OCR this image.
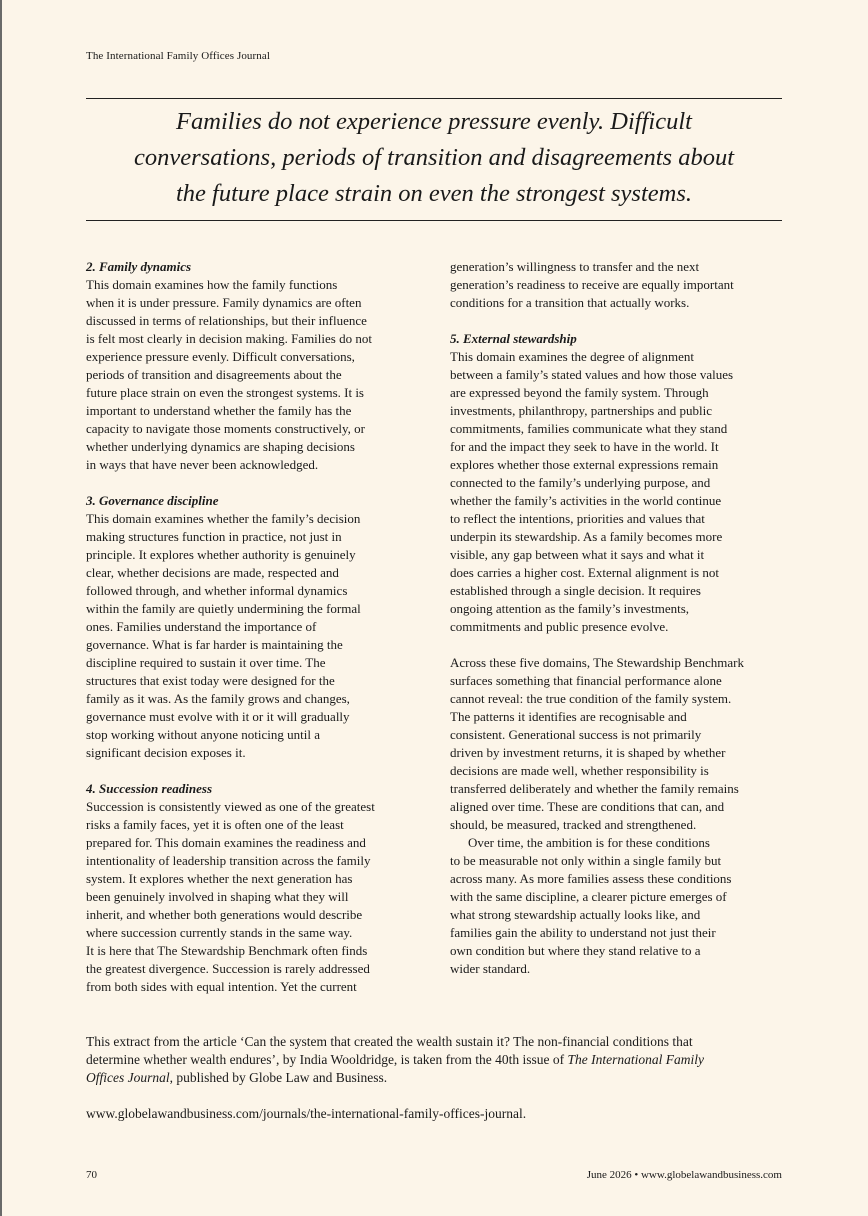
The International Family Offices Journal
Families do not experience pressure evenly. Difficult
conversations, periods of transition and disagreements about
the future place strain on even the strongest systems.
2. Family dynamics
This domain examines how the family functions
when it is under pressure. Family dynamics are often
discussed in terms of relationships, but their influence
is felt most clearly in decision making. Families do not
experience pressure evenly. Difficult conversations,
periods of transition and disagreements about the
future place strain on even the strongest systems. It is
important to understand whether the family has the
capacity to navigate those moments constructively, or
whether underlying dynamics are shaping decisions
in ways that have never been acknowledged.
3. Governance discipline
This domain examines whether the family’s decision
making structures function in practice, not just in
principle. It explores whether authority is genuinely
clear, whether decisions are made, respected and
followed through, and whether informal dynamics
within the family are quietly undermining the formal
ones. Families understand the importance of
governance. What is far harder is maintaining the
discipline required to sustain it over time. The
structures that exist today were designed for the
family as it was. As the family grows and changes,
governance must evolve with it or it will gradually
stop working without anyone noticing until a
significant decision exposes it.
4. Succession readiness
Succession is consistently viewed as one of the greatest
risks a family faces, yet it is often one of the least
prepared for. This domain examines the readiness and
intentionality of leadership transition across the family
system. It explores whether the next generation has
been genuinely involved in shaping what they will
inherit, and whether both generations would describe
where succession currently stands in the same way.
It is here that The Stewardship Benchmark often finds
the greatest divergence. Succession is rarely addressed
from both sides with equal intention. Yet the current
generation’s willingness to transfer and the next
generation’s readiness to receive are equally important
conditions for a transition that actually works.
5. External stewardship
This domain examines the degree of alignment
between a family’s stated values and how those values
are expressed beyond the family system. Through
investments, philanthropy, partnerships and public
commitments, families communicate what they stand
for and the impact they seek to have in the world. It
explores whether those external expressions remain
connected to the family’s underlying purpose, and
whether the family’s activities in the world continue
to reflect the intentions, priorities and values that
underpin its stewardship. As a family becomes more
visible, any gap between what it says and what it
does carries a higher cost. External alignment is not
established through a single decision. It requires
ongoing attention as the family’s investments,
commitments and public presence evolve.
Across these five domains, The Stewardship Benchmark
surfaces something that financial performance alone
cannot reveal: the true condition of the family system.
The patterns it identifies are recognisable and
consistent. Generational success is not primarily
driven by investment returns, it is shaped by whether
decisions are made well, whether responsibility is
transferred deliberately and whether the family remains
aligned over time. These are conditions that can, and
should, be measured, tracked and strengthened.
Over time, the ambition is for these conditions
to be measurable not only within a single family but
across many. As more families assess these conditions
with the same discipline, a clearer picture emerges of
what strong stewardship actually looks like, and
families gain the ability to understand not just their
own condition but where they stand relative to a
wider standard.
This extract from the article ‘Can the system that created the wealth sustain it? The non-financial conditions that
determine whether wealth endures’, by India Wooldridge, is taken from the 40th issue of The International Family
Offices Journal, published by Globe Law and Business.
www.globelawandbusiness.com/journals/the-international-family-offices-journal.
70	June 2026 • www.globelawandbusiness.com
